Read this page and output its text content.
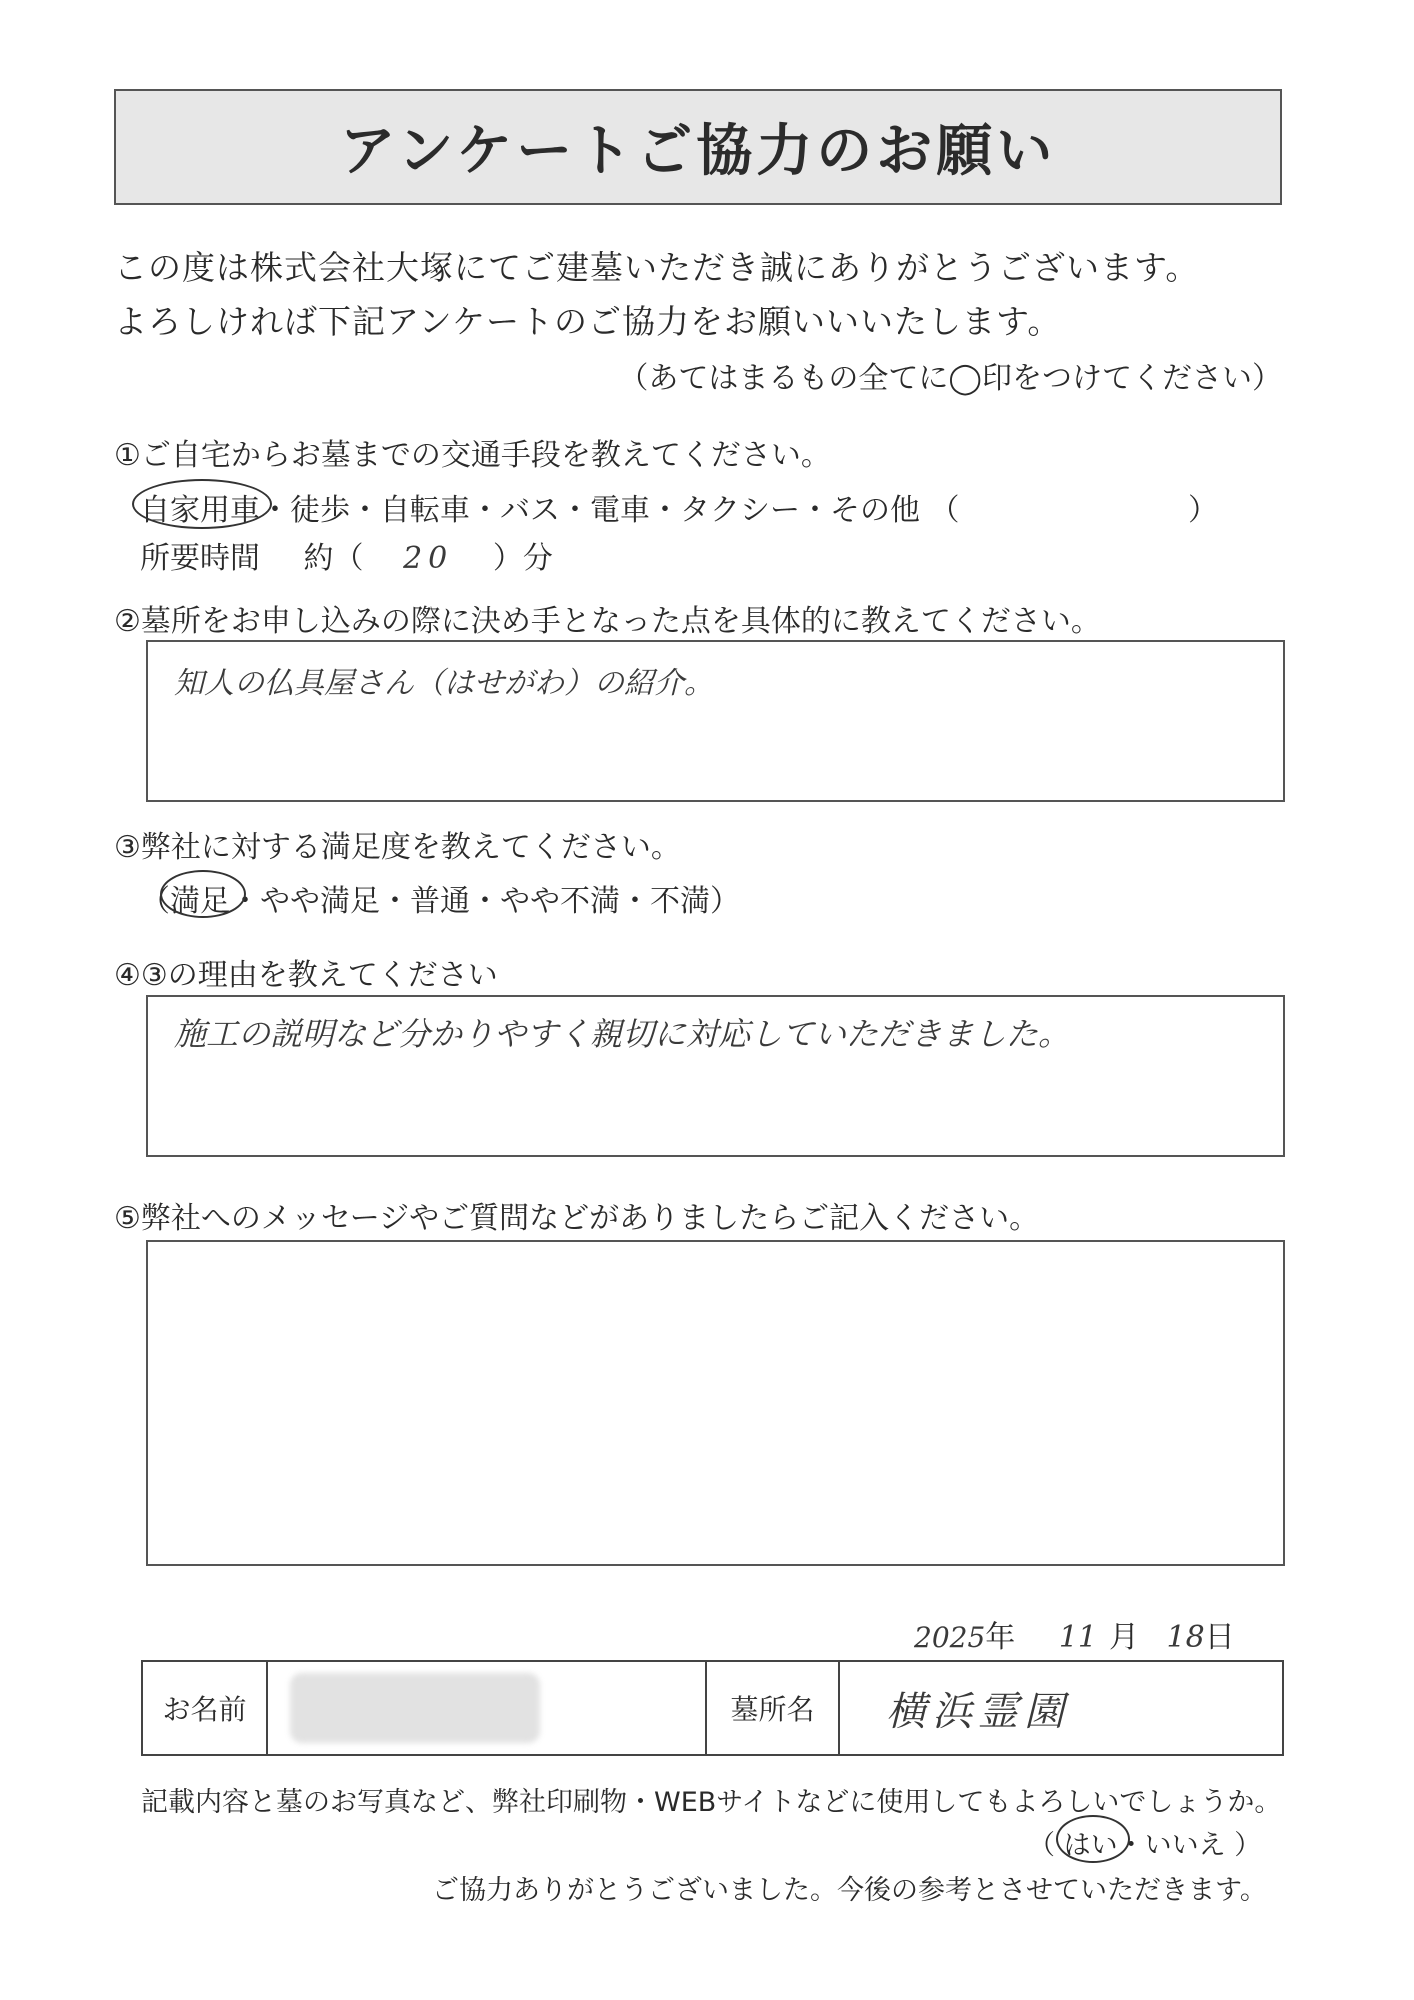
アンケートご協力のお願い
この度は株式会社大塚にてご建墓いただき誠にありがとうございます。
よろしければ下記アンケートのご協力をお願いいいたします。
（あてはまるもの全てに◯印をつけてください）
①ご自宅からお墓までの交通手段を教えてください。
自家用車
・徒歩・自転車・バス・電車・タクシー・その他 （	）
所要時間 約（ 20 ）分
②墓所をお申し込みの際に決め手となった点を具体的に教えてください。
知人の仏具屋さん（はせがわ）の紹介。
③弊社に対する満足度を教えてください。
（満足
・やや満足・普通・やや不満・不満）
④③の理由を教えてください
施工の説明など分かりやすく親切に対応していただきました。
⑤弊社へのメッセージやご質問などがありましたらご記入ください。
2025年 11 月 18日
お名前		墓所名	横浜霊園
記載内容と墓のお写真など、弊社印刷物・WEBサイトなどに使用してもよろしいでしょうか。
（ はい
・いいえ ）
ご協力ありがとうございました。今後の参考とさせていただきます。
